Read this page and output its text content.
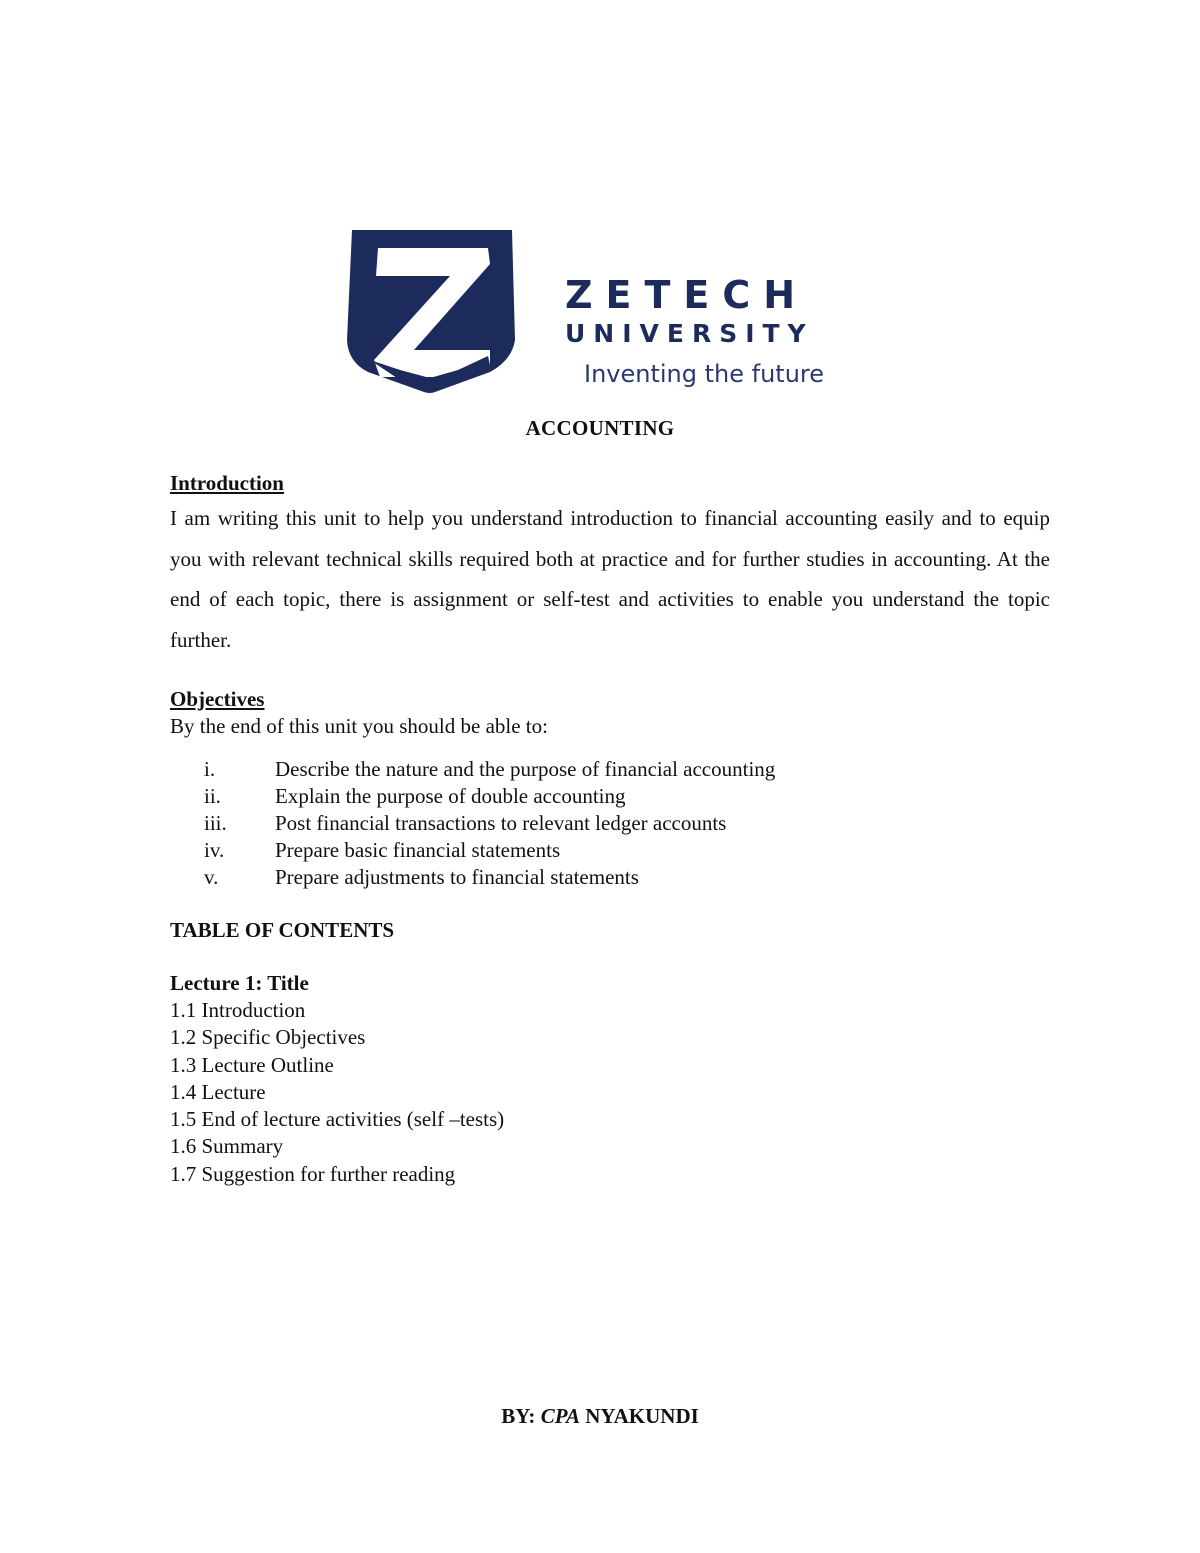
ZETECH
UNIVERSITY
Inventing the future
ACCOUNTING
Introduction
I am writing this unit to help you understand introduction to financial accounting easily and to equip you with relevant technical skills required both at practice and for further studies in accounting. At the end of each topic, there is assignment or self-test and activities to enable you understand the topic further.
Objectives
By the end of this unit you should be able to:
i.	Describe the nature and the purpose of financial accounting
ii.	Explain the purpose of double accounting
iii. Post financial transactions to relevant ledger accounts
iv. Prepare basic financial statements
v.	Prepare adjustments to financial statements
TABLE OF CONTENTS
Lecture 1: Title
1.1 Introduction
1.2 Specific Objectives
1.3 Lecture Outline
1.4 Lecture
1.5 End of lecture activities (self –tests)
1.6 Summary
1.7 Suggestion for further reading
BY: CPA NYAKUNDI
